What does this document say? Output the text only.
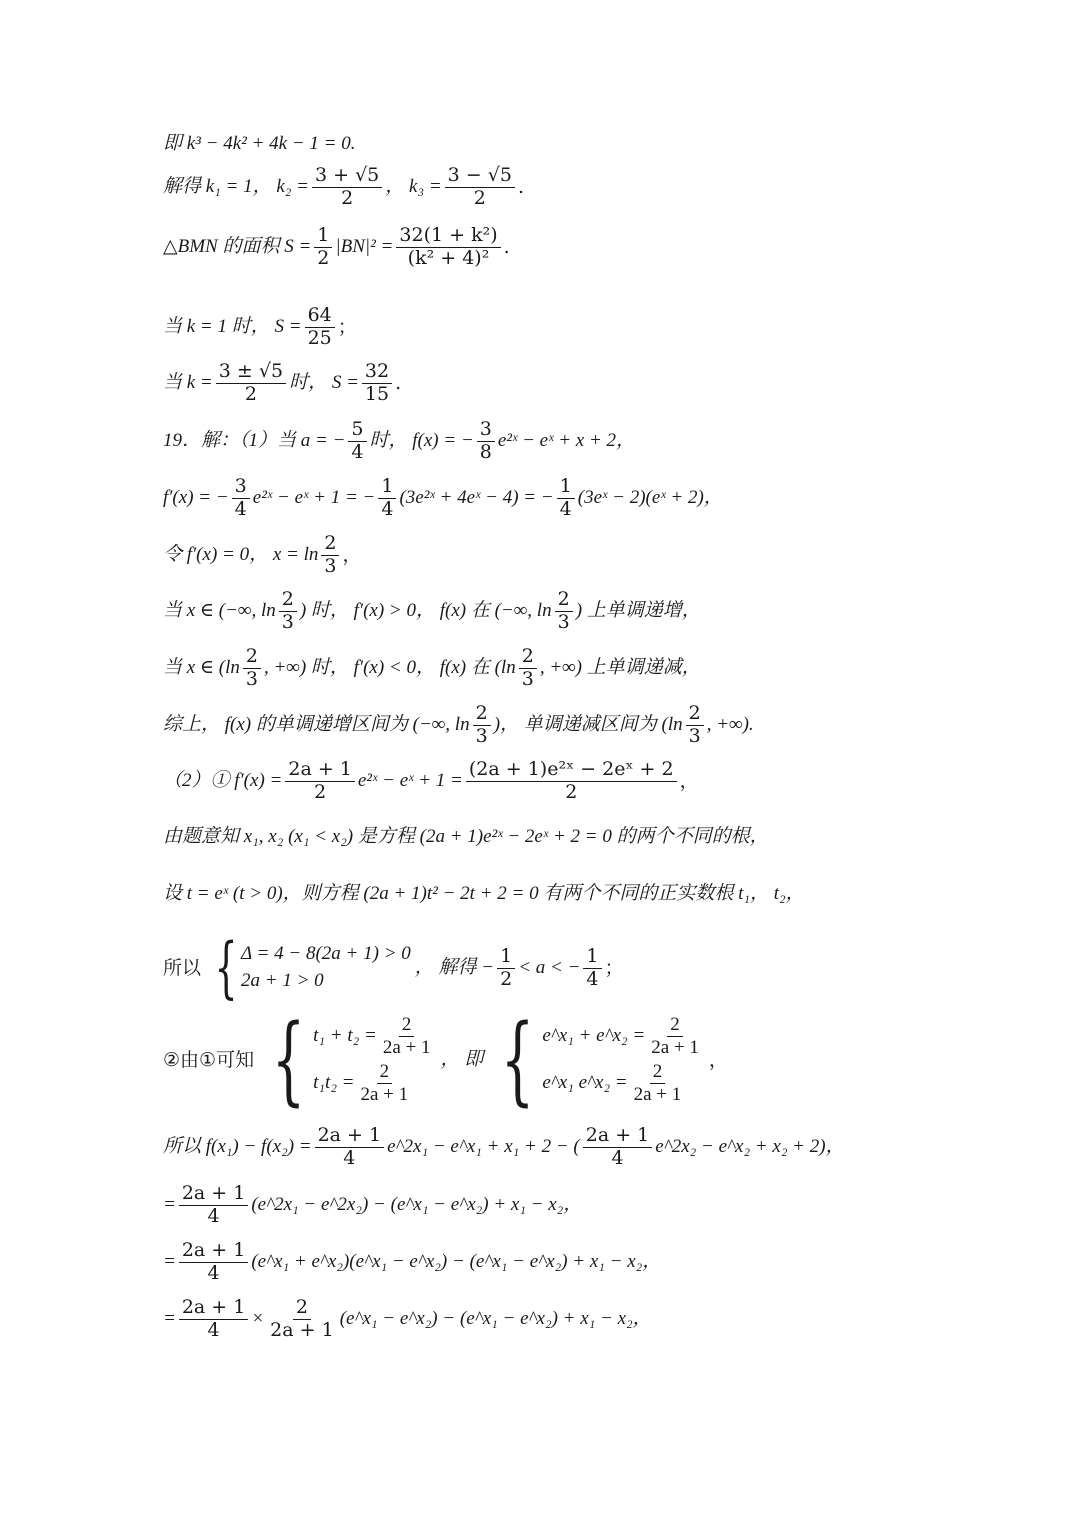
即 k³ − 4k² + 4k − 1 = 0.
解得 k₁ = 1， $k_2 = \frac{3 + √5}{2}$ ， $k_3 = \frac{3 - √5}{2}$ .
△BMN 的面积 $S = \frac{1}{2} |BN|^2 = \frac{\text{32(1 + k²)}}{\text{(k² + 4)²}}$ .
当 k = 1 时， $S = \frac{64}{25}$ ；
当 $k = \frac{3 \pm √5}{2}$ 时， $S = \frac{32}{15}$ .
19．解：（1）当 a = − $\frac{5}{4}$ 时， f(x) = − $\frac{3}{8}$ e²ˣ − eˣ + x + 2，
f′(x) = − $\frac{3}{4}$ e²ˣ − eˣ + 1 = − $\frac{1}{4}$ (3e²ˣ + 4eˣ − 4) = − $\frac{1}{4}$ (3eˣ − 2)(eˣ + 2)，
令 f′(x) = 0， $x = \ln \frac{2}{3}$ ，
当 x ∈ (−∞, $\ln \frac{2}{3}$ ) 时， f′(x) > 0， f(x) 在 (−∞, $\ln \frac{2}{3}$ ) 上单调递增，
当 x ∈ ($\ln \frac{2}{3}$ , +∞) 时， f′(x) < 0， f(x) 在 ($\ln \frac{2}{3}$ , +∞) 上单调递减，
综上， f(x) 的单调递增区间为 (−∞, $\ln \frac{2}{3}$ )， 单调递减区间为 ($\ln \frac{2}{3}$ , +∞).
（2）① $f'(x) = \frac{2a + 1}{2}$ e²ˣ − eˣ + $1 = \frac{\text{(2a + 1)e²ˣ − 2eˣ + 2}}{2}$ ，
由题意知 x₁, x₂ (x₁ < x₂) 是方程 (2a + 1)e²ˣ − 2eˣ + 2 = 0 的两个不同的根，
设 t = eˣ (t > 0)，则方程 (2a + 1)t² − 2t + 2 = 0 有两个不同的正实数根 t₁， t₂，
所以 { Δ = 4 − 8(2a + 1) > 0
2a + 1 > 0
， 解得 − $\frac{1}{2} < a$ < − $\frac{1}{4}$ ；
②由①可知 { $t_1 + t_2 = \frac{2}{2a + 1}$
$t_1t_2 = \frac{2}{2a + 1}$
， 即 { e^x₁ + e^x₂ = $\frac{2}{2a + 1}$
e^x₁ e^x₂ = $\frac{2}{2a + 1}$
，
所以 $f(x_1) - f(x_2) = \frac{2a + 1}{4}$ e^2x₁ − e^x₁ + x₁ + 2 − ( $\frac{2a + 1}{4}$ e^2x₂ − e^x₂ + x₂ + 2)，
= $\frac{2a + 1}{4}$ (e^2x₁ − e^2x₂) − (e^x₁ − e^x₂) + x₁ − x₂，
= $\frac{2a + 1}{4}$ (e^x₁ + e^x₂)(e^x₁ − e^x₂) − (e^x₁ − e^x₂) + x₁ − x₂，
= $\frac{2a + 1}{4} \times \frac{2}{2a + 1}$ (e^x₁ − e^x₂) − (e^x₁ − e^x₂) + x₁ − x₂，
